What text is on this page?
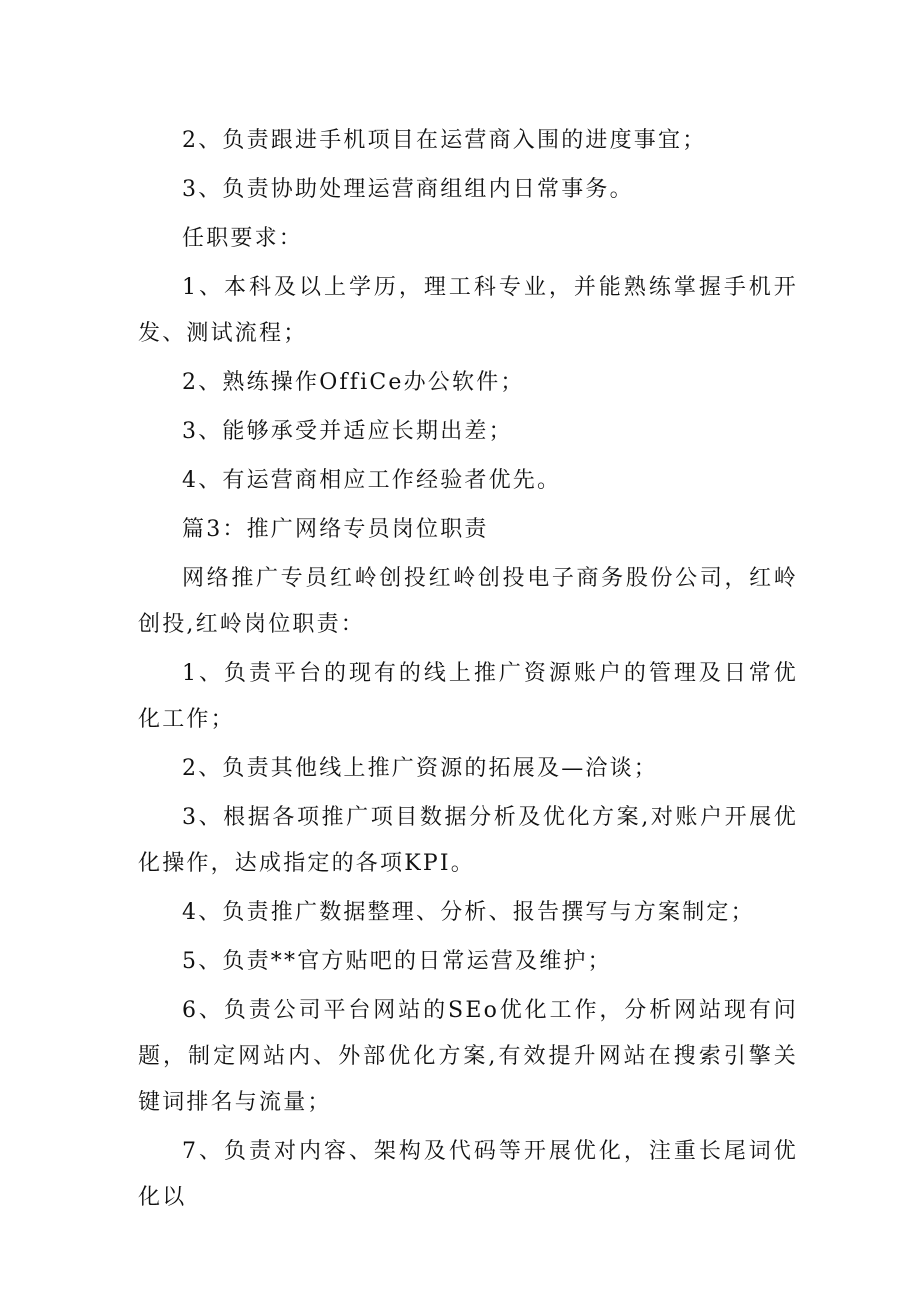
2、负责跟进手机项目在运营商入围的进度事宜；

3、负责协助处理运营商组组内日常事务。

任职要求：

1、本科及以上学历，理工科专业，并能熟练掌握手机开发、测试流程；

2、熟练操作OffiCe办公软件；

3、能够承受并适应长期出差；

4、有运营商相应工作经验者优先。

篇3：推广网络专员岗位职责

网络推广专员红岭创投红岭创投电子商务股份公司，红岭创投,红岭岗位职责：

1、负责平台的现有的线上推广资源账户的管理及日常优化工作；

2、负责其他线上推广资源的拓展及—洽谈；

3、根据各项推广项目数据分析及优化方案,对账户开展优化操作，达成指定的各项KPI。

4、负责推广数据整理、分析、报告撰写与方案制定；

5、负责**官方贴吧的日常运营及维护；

6、负责公司平台网站的SEo优化工作，分析网站现有问题，制定网站内、外部优化方案,有效提升网站在搜索引擎关键词排名与流量；

7、负责对内容、架构及代码等开展优化，注重长尾词优化以
